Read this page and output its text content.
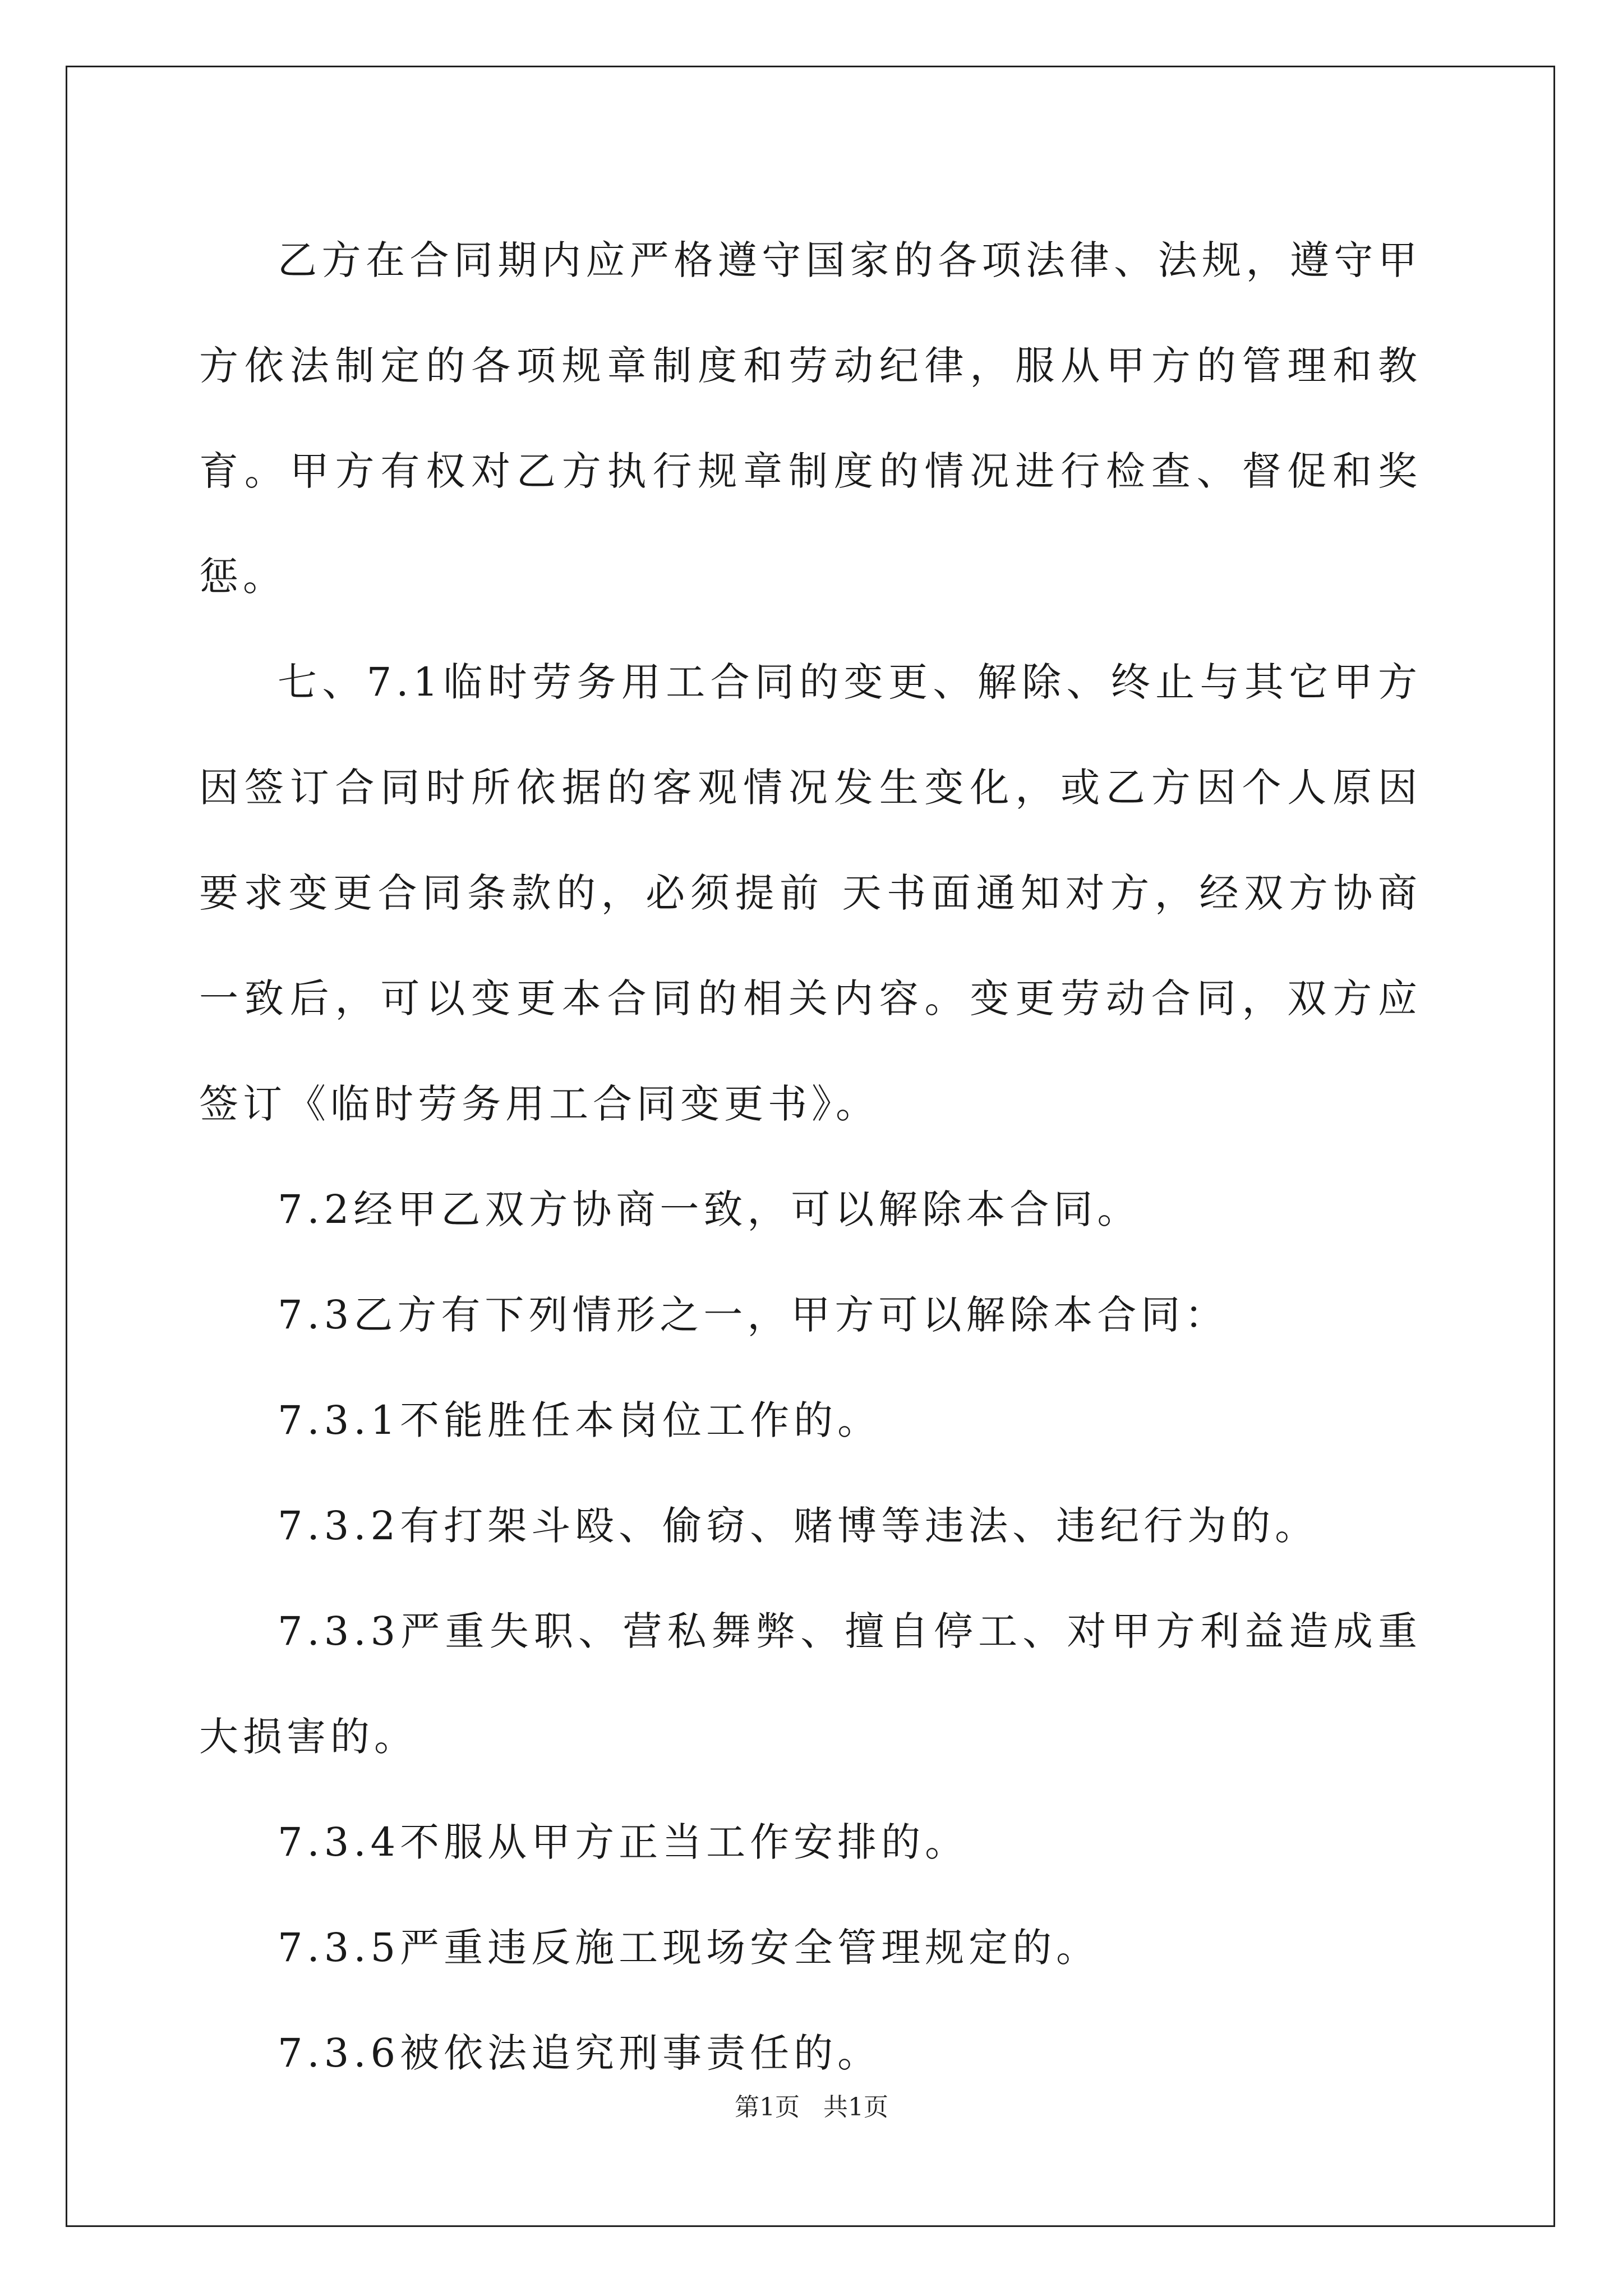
乙方在合同期内应严格遵守国家的各项法律、法规，遵守甲方依法制定的各项规章制度和劳动纪律，服从甲方的管理和教育。甲方有权对乙方执行规章制度的情况进行检查、督促和奖惩。

七、7.1临时劳务用工合同的变更、解除、终止与其它甲方因签订合同时所依据的客观情况发生变化，或乙方因个人原因要求变更合同条款的，必须提前 天书面通知对方，经双方协商一致后，可以变更本合同的相关内容。变更劳动合同，双方应签订《临时劳务用工合同变更书》。

7.2经甲乙双方协商一致，可以解除本合同。

7.3乙方有下列情形之一，甲方可以解除本合同：

7.3.1不能胜任本岗位工作的。

7.3.2有打架斗殴、偷窃、赌博等违法、违纪行为的。

7.3.3严重失职、营私舞弊、擅自停工、对甲方利益造成重大损害的。

7.3.4不服从甲方正当工作安排的。

7.3.5严重违反施工现场安全管理规定的。

7.3.6被依法追究刑事责任的。

第1页 共1页
